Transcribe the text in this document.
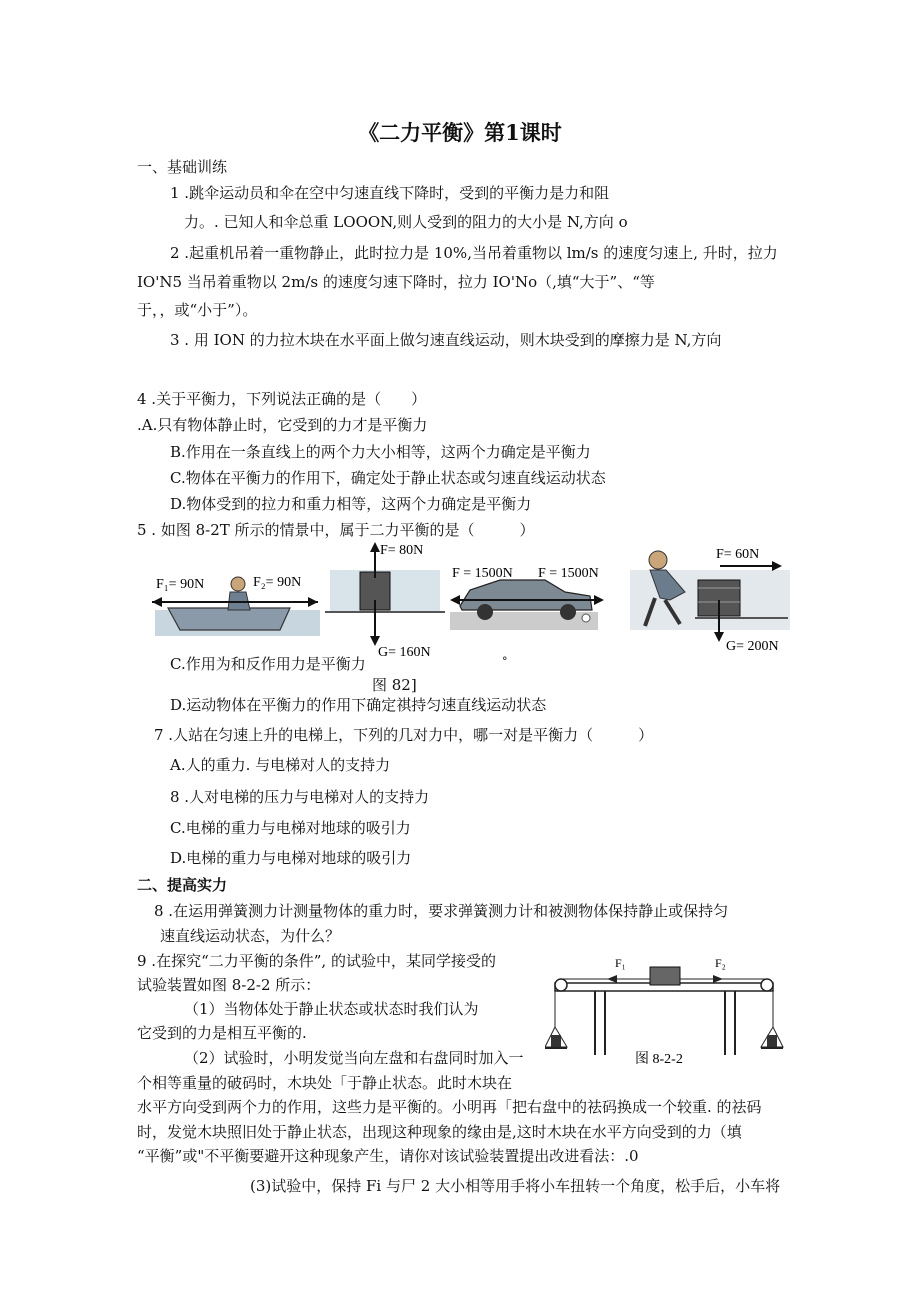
《二力平衡》第1课时
一、基础训练
1 .跳伞运动员和伞在空中匀速直线下降时，受到的平衡力是力和阻
力。. 已知人和伞总重 LOOON,则人受到的阻力的大小是 N,方向 o
2 .起重机吊着一重物静止，此时拉力是 10%,当吊着重物以 lm/s 的速度匀速上, 升时，拉力
IO'N5 当吊着重物以 2m/s 的速度匀速下降时，拉力 IO'No（,填“大于”、“等
于，，或“小于”）。
3 . 用 ION 的力拉木块在水平面上做匀速直线运动，则木块受到的摩擦力是 N,方向
4 .关于平衡力，下列说法正确的是（　　）
.A.只有物体静止时，它受到的力才是平衡力
B.作用在一条直线上的两个力大小相等，这两个力确定是平衡力
C.物体在平衡力的作用下，确定处于静止状态或匀速直线运动状态
D.物体受到的拉力和重力相等，这两个力确定是平衡力
5 . 如图 8-2T 所示的情景中，属于二力平衡的是（　　　）
F₁= 90N	F₂= 90N
F= 80N
G= 160N
F = 1500N F = 1500N
F= 60N
G= 200N
C.作用为和反作用力是平衡力	°
图 82]
D.运动物体在平衡力的作用下确定祺持匀速直线运动状态
7 .人站在匀速上升的电梯上，下列的几对力中，哪一对是平衡力（　　　）
A.人的重力. 与电梯对人的支持力
8 .人对电梯的压力与电梯对人的支持力
C.电梯的重力与电梯对地球的吸引力
D.电梯的重力与电梯对地球的吸引力
二、提高实力
8 .在运用弹簧测力计测量物体的重力时，要求弹簧测力计和被测物体保持静止或保持匀
速直线运动状态，为什么？
9 .在探究“二力平衡的条件”, 的试验中，某同学接受的
试验装置如图 8-2-2 所示：
（1）当物体处于静止状态或状态时我们认为
它受到的力是相互平衡的.
（2）试验时，小明发觉当向左盘和右盘同时加入一
个相等重量的破码时，木块处「于静止状态。此时木块在
水平方向受到两个力的作用，这些力是平衡的。小明再「把右盘中的祛码换成一个较重. 的祛码
时，发觉木块照旧处于静止状态，出现这种现象的缘由是,这时木块在水平方向受到的力（填
“平衡”或"不平衡要避开这种现象产生，请你对该试验装置提出改进看法：.0
(3)试验中，保持 Fi 与尸 2 大小相等用手将小车扭转一个角度，松手后，小车将
F₁	F₂
图 8-2-2
